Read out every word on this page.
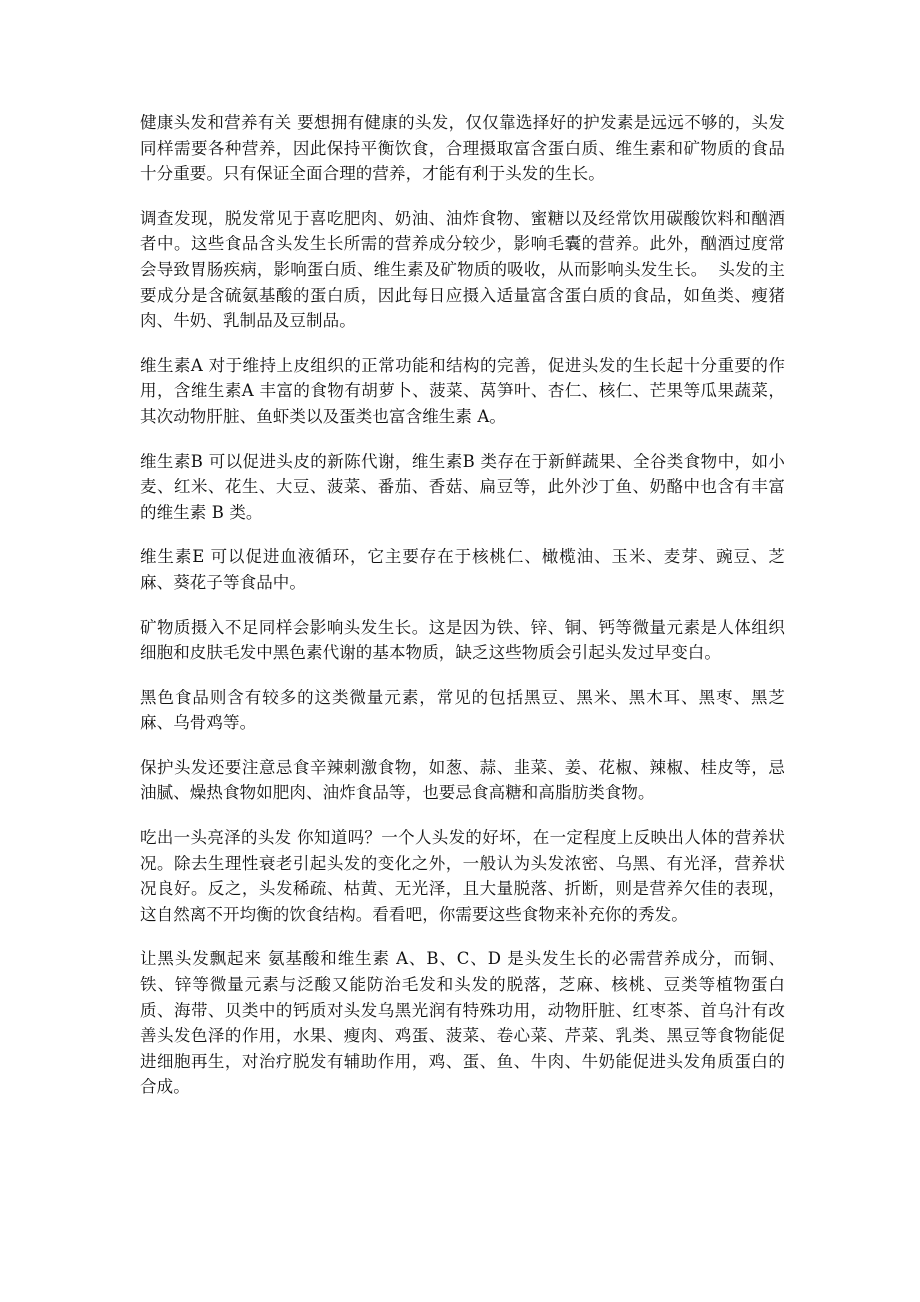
健康头发和营养有关 要想拥有健康的头发，仅仅靠选择好的护发素是远远不够的，头发同样需要各种营养，因此保持平衡饮食，合理摄取富含蛋白质、维生素和矿物质的食品十分重要。只有保证全面合理的营养，才能有利于头发的生长。

调查发现，脱发常见于喜吃肥肉、奶油、油炸食物、蜜糖以及经常饮用碳酸饮料和酗酒者中。这些食品含头发生长所需的营养成分较少，影响毛囊的营养。此外，酗酒过度常会导致胃肠疾病，影响蛋白质、维生素及矿物质的吸收，从而影响头发生长。  头发的主要成分是含硫氨基酸的蛋白质，因此每日应摄入适量富含蛋白质的食品，如鱼类、瘦猪肉、牛奶、乳制品及豆制品。

维生素A 对于维持上皮组织的正常功能和结构的完善，促进头发的生长起十分重要的作用，含维生素A 丰富的食物有胡萝卜、菠菜、莴笋叶、杏仁、核仁、芒果等瓜果蔬菜，其次动物肝脏、鱼虾类以及蛋类也富含维生素 A。

维生素B 可以促进头皮的新陈代谢，维生素B 类存在于新鲜蔬果、全谷类食物中，如小麦、红米、花生、大豆、菠菜、番茄、香菇、扁豆等，此外沙丁鱼、奶酪中也含有丰富的维生素 B 类。

维生素E 可以促进血液循环，它主要存在于核桃仁、橄榄油、玉米、麦芽、豌豆、芝麻、葵花子等食品中。

矿物质摄入不足同样会影响头发生长。这是因为铁、锌、铜、钙等微量元素是人体组织细胞和皮肤毛发中黑色素代谢的基本物质，缺乏这些物质会引起头发过早变白。

黑色食品则含有较多的这类微量元素，常见的包括黑豆、黑米、黑木耳、黑枣、黑芝麻、乌骨鸡等。

保护头发还要注意忌食辛辣刺激食物，如葱、蒜、韭菜、姜、花椒、辣椒、桂皮等，忌油腻、燥热食物如肥肉、油炸食品等，也要忌食高糖和高脂肪类食物。

吃出一头亮泽的头发 你知道吗？一个人头发的好坏，在一定程度上反映出人体的营养状况。除去生理性衰老引起头发的变化之外，一般认为头发浓密、乌黑、有光泽，营养状况良好。反之，头发稀疏、枯黄、无光泽，且大量脱落、折断，则是营养欠佳的表现，这自然离不开均衡的饮食结构。看看吧，你需要这些食物来补充你的秀发。

让黑头发飘起来 氨基酸和维生素 A、B、C、D 是头发生长的必需营养成分，而铜、铁、锌等微量元素与泛酸又能防治毛发和头发的脱落，芝麻、核桃、豆类等植物蛋白质、海带、贝类中的钙质对头发乌黑光润有特殊功用，动物肝脏、红枣茶、首乌汁有改善头发色泽的作用，水果、瘦肉、鸡蛋、菠菜、卷心菜、芹菜、乳类、黑豆等食物能促进细胞再生，对治疗脱发有辅助作用，鸡、蛋、鱼、牛肉、牛奶能促进头发角质蛋白的合成。
